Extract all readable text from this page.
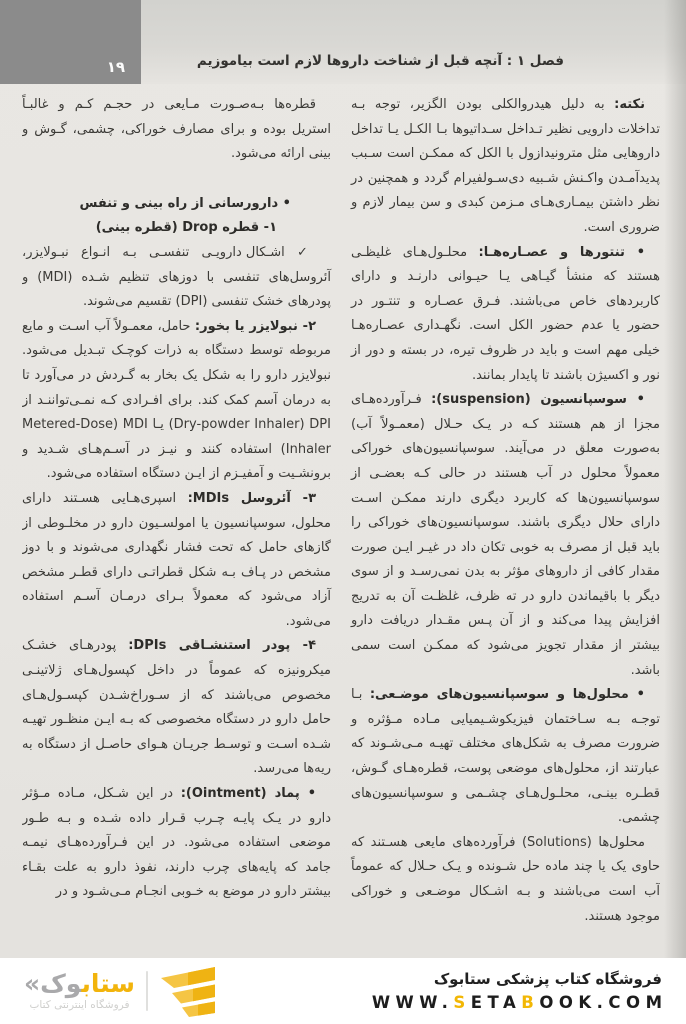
۱۹	فصل ۱ : آنچه قبل از شناخت داروها لازم است بیاموزیم

نکته: به دلیل هیدروالکلی بودن الگزیر، توجه بـه تداخلات دارویی نظیر تـداخل سـداتیوها بـا الکـل یـا تداخل داروهایی مثل مترونیدازول با الکل که ممکـن است سـبب پدیدآمـدن واکـنش شـبیه دی‌سـولفیرام گردد و همچنین در نظر داشتن بیمـاری‌هـای مـزمن کبدی و سن بیمار لازم و ضروری است.

• تنتورها و عصـاره‌هـا: محلـول‌هـای غلیظـی هستند که منشأ گیـاهی یـا حیـوانی دارنـد و دارای کاربردهای خاص می‌باشند. فـرق عصـاره و تنتـور در حضور یا عدم حضور الکل است. نگهـداری عصـاره‌هـا خیلی مهم است و باید در ظروف تیره، در بسته و دور از نور و اکسیژن باشند تا پایدار بمانند.

• سوسپانسیون (suspension): فـرآورده‌هـای مجزا از هم هستند کـه در یـک حـلال (معمـولاً آب) به‌صورت معلق در می‌آیند. سوسپانسیون‌های خوراکی معمولاً محلول در آب هستند در حالی کـه بعضـی از سوسپانسیون‌ها که کاربرد دیگری دارند ممکـن اسـت دارای حلال دیگری باشند. سوسپانسیون‌های خوراکی را باید قبل از مصرف به خوبی تکان داد در غیـر ایـن صورت مقدار کافی از داروهای مؤثر به بدن نمی‌رسـد و از سوی دیگر با باقیماندن دارو در ته ظرف، غلظـت آن به تدریج افزایش پیدا می‌کند و از آن پـس مقـدار دریافت دارو بیشتر از مقدار تجویز می‌شود که ممکـن است سمی باشد.

• محلول‌ها و سوسپانسیون‌های موضـعی: بـا توجـه بـه سـاختمان فیزیکوشـیمیایی مـاده مـؤثره و ضرورت مصرف به شکل‌های مختلف تهیـه مـی‌شـوند که عبارتند از، محلول‌های موضعی پوست، قطره‌هـای گـوش، قطـره بینـی، محلـول‌هـای چشـمی و سوسپانسیون‌های چشمی.

محلول‌ها (Solutions) فرآورده‌های مایعی هسـتند که حاوی یک یا چند ماده حل شـونده و یـک حـلال که عموماً آب است می‌باشند و بـه اشـکال موضـعی و خوراکی موجود هستند.

قطره‌ها بـه‌صـورت مـایعی در حجـم کـم و غالبـاً استریل بوده و برای مصارف خوراکی، چشمی، گـوش و بینی ارائه می‌شود.

• دارورسانی از راه بینی و تنفس

۱- قطره Drop (قطره بینی)

✓ اشـکال دارویـی تنفسـی بـه انـواع نبـولایزر، آئروسل‌های تنفسی با دوزهای تنظیم شـده (MDI) و پودرهای خشک تنفسی (DPI) تقسیم می‌شوند.

۲- نبولایزر یا بخور: حامل، معمـولاً آب اسـت و مایع مربوطه توسط دستگاه به ذرات کوچـک تبـدیل می‌شود. نبولایزر دارو را به شکل یک بخار به گـردش در می‌آورد تا به درمان آسم کمک کند. برای افـرادی کـه نمـی‌تواننـد از DPI‏ (Dry-powder Inhaler) یـا MDI‏ (Metered-Dose Inhaler) استفاده کنند و نیـز در آسـم‌هـای شـدید و برونشـیت و آمفیـزم از ایـن دستگاه استفاده می‌شود.

۳- آئروسل MDIs: اسپری‌هـایی هسـتند دارای محلول، سوسپانسیون یا امولسـیون دارو در مخلـوطی از گازهای حامل که تحت فشار نگهداری می‌شوند و با دوز مشخص در پـاف بـه شکل قطراتـی دارای قطـر مشخص آزاد می‌شود که معمولاً بـرای درمـان آسـم استفاده می‌شود.

۴- پودر استنشـاقی DPIs: پودرهـای خشـک میکرونیزه که عموماً در داخل کپسول‌هـای ژلاتینـی مخصوص می‌باشند که از سـوراخ‌شـدن کپسـول‌هـای حامل دارو در دستگاه مخصوصی که بـه ایـن منظـور تهیـه شـده اسـت و توسـط جریـان هـوای حاصـل از دستگاه به ریه‌ها می‌رسد.

• پماد (Ointment): در این شـکل، مـاده مـؤثر دارو در یـک پایـه چـرب قـرار داده شـده و بـه طـور موضعی استفاده می‌شود. در این فـرآورده‌هـای نیمـه جامد که پایه‌های چرب دارند، نفوذ دارو به علت بقـاء بیشتر دارو در موضع به خـوبی انجـام مـی‌شـود و در

ستابوک«
فروشگاه اینترنتی کتاب
فروشگاه کتاب پزشکی ستابوک
WWW.SETABOOK.COM
